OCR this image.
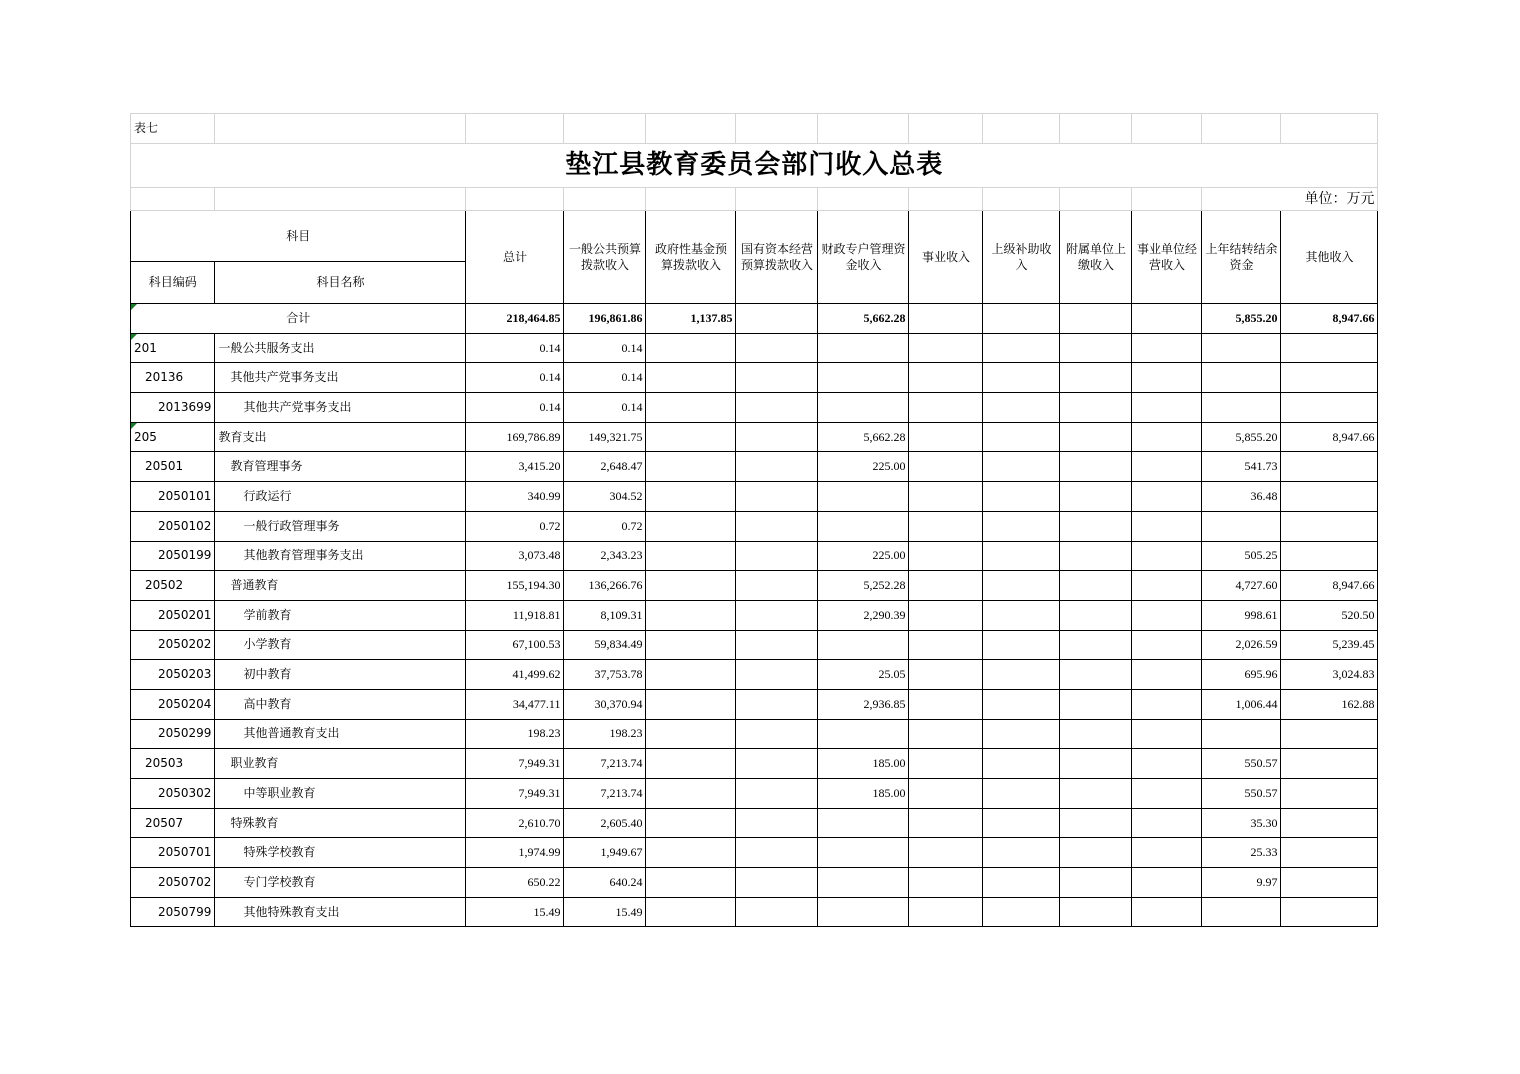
表七												
垫江县教育委员会部门收入总表												
											单位：万元	
科目		总计	一般公共预算拨款收入	政府性基金预算拨款收入	国有资本经营预算拨款收入	财政专户管理资金收入	事业收入	上级补助收入	附属单位上缴收入	事业单位经营收入	上年结转结余资金	其他收入
科目编码	科目名称											
合计		218,464.85	196,861.86	1,137.85		5,662.28					5,855.20	8,947.66
201	一般公共服务支出	0.14	0.14									
20136	其他共产党事务支出	0.14	0.14									
2013699	其他共产党事务支出	0.14	0.14									
205	教育支出	169,786.89	149,321.75			5,662.28					5,855.20	8,947.66
20501	教育管理事务	3,415.20	2,648.47			225.00					541.73	
2050101	行政运行	340.99	304.52								36.48	
2050102	一般行政管理事务	0.72	0.72									
2050199	其他教育管理事务支出	3,073.48	2,343.23			225.00					505.25	
20502	普通教育	155,194.30	136,266.76			5,252.28					4,727.60	8,947.66
2050201	学前教育	11,918.81	8,109.31			2,290.39					998.61	520.50
2050202	小学教育	67,100.53	59,834.49								2,026.59	5,239.45
2050203	初中教育	41,499.62	37,753.78			25.05					695.96	3,024.83
2050204	高中教育	34,477.11	30,370.94			2,936.85					1,006.44	162.88
2050299	其他普通教育支出	198.23	198.23									
20503	职业教育	7,949.31	7,213.74			185.00					550.57	
2050302	中等职业教育	7,949.31	7,213.74			185.00					550.57	
20507	特殊教育	2,610.70	2,605.40								35.30	
2050701	特殊学校教育	1,974.99	1,949.67								25.33	
2050702	专门学校教育	650.22	640.24								9.97	
2050799	其他特殊教育支出	15.49	15.49									
